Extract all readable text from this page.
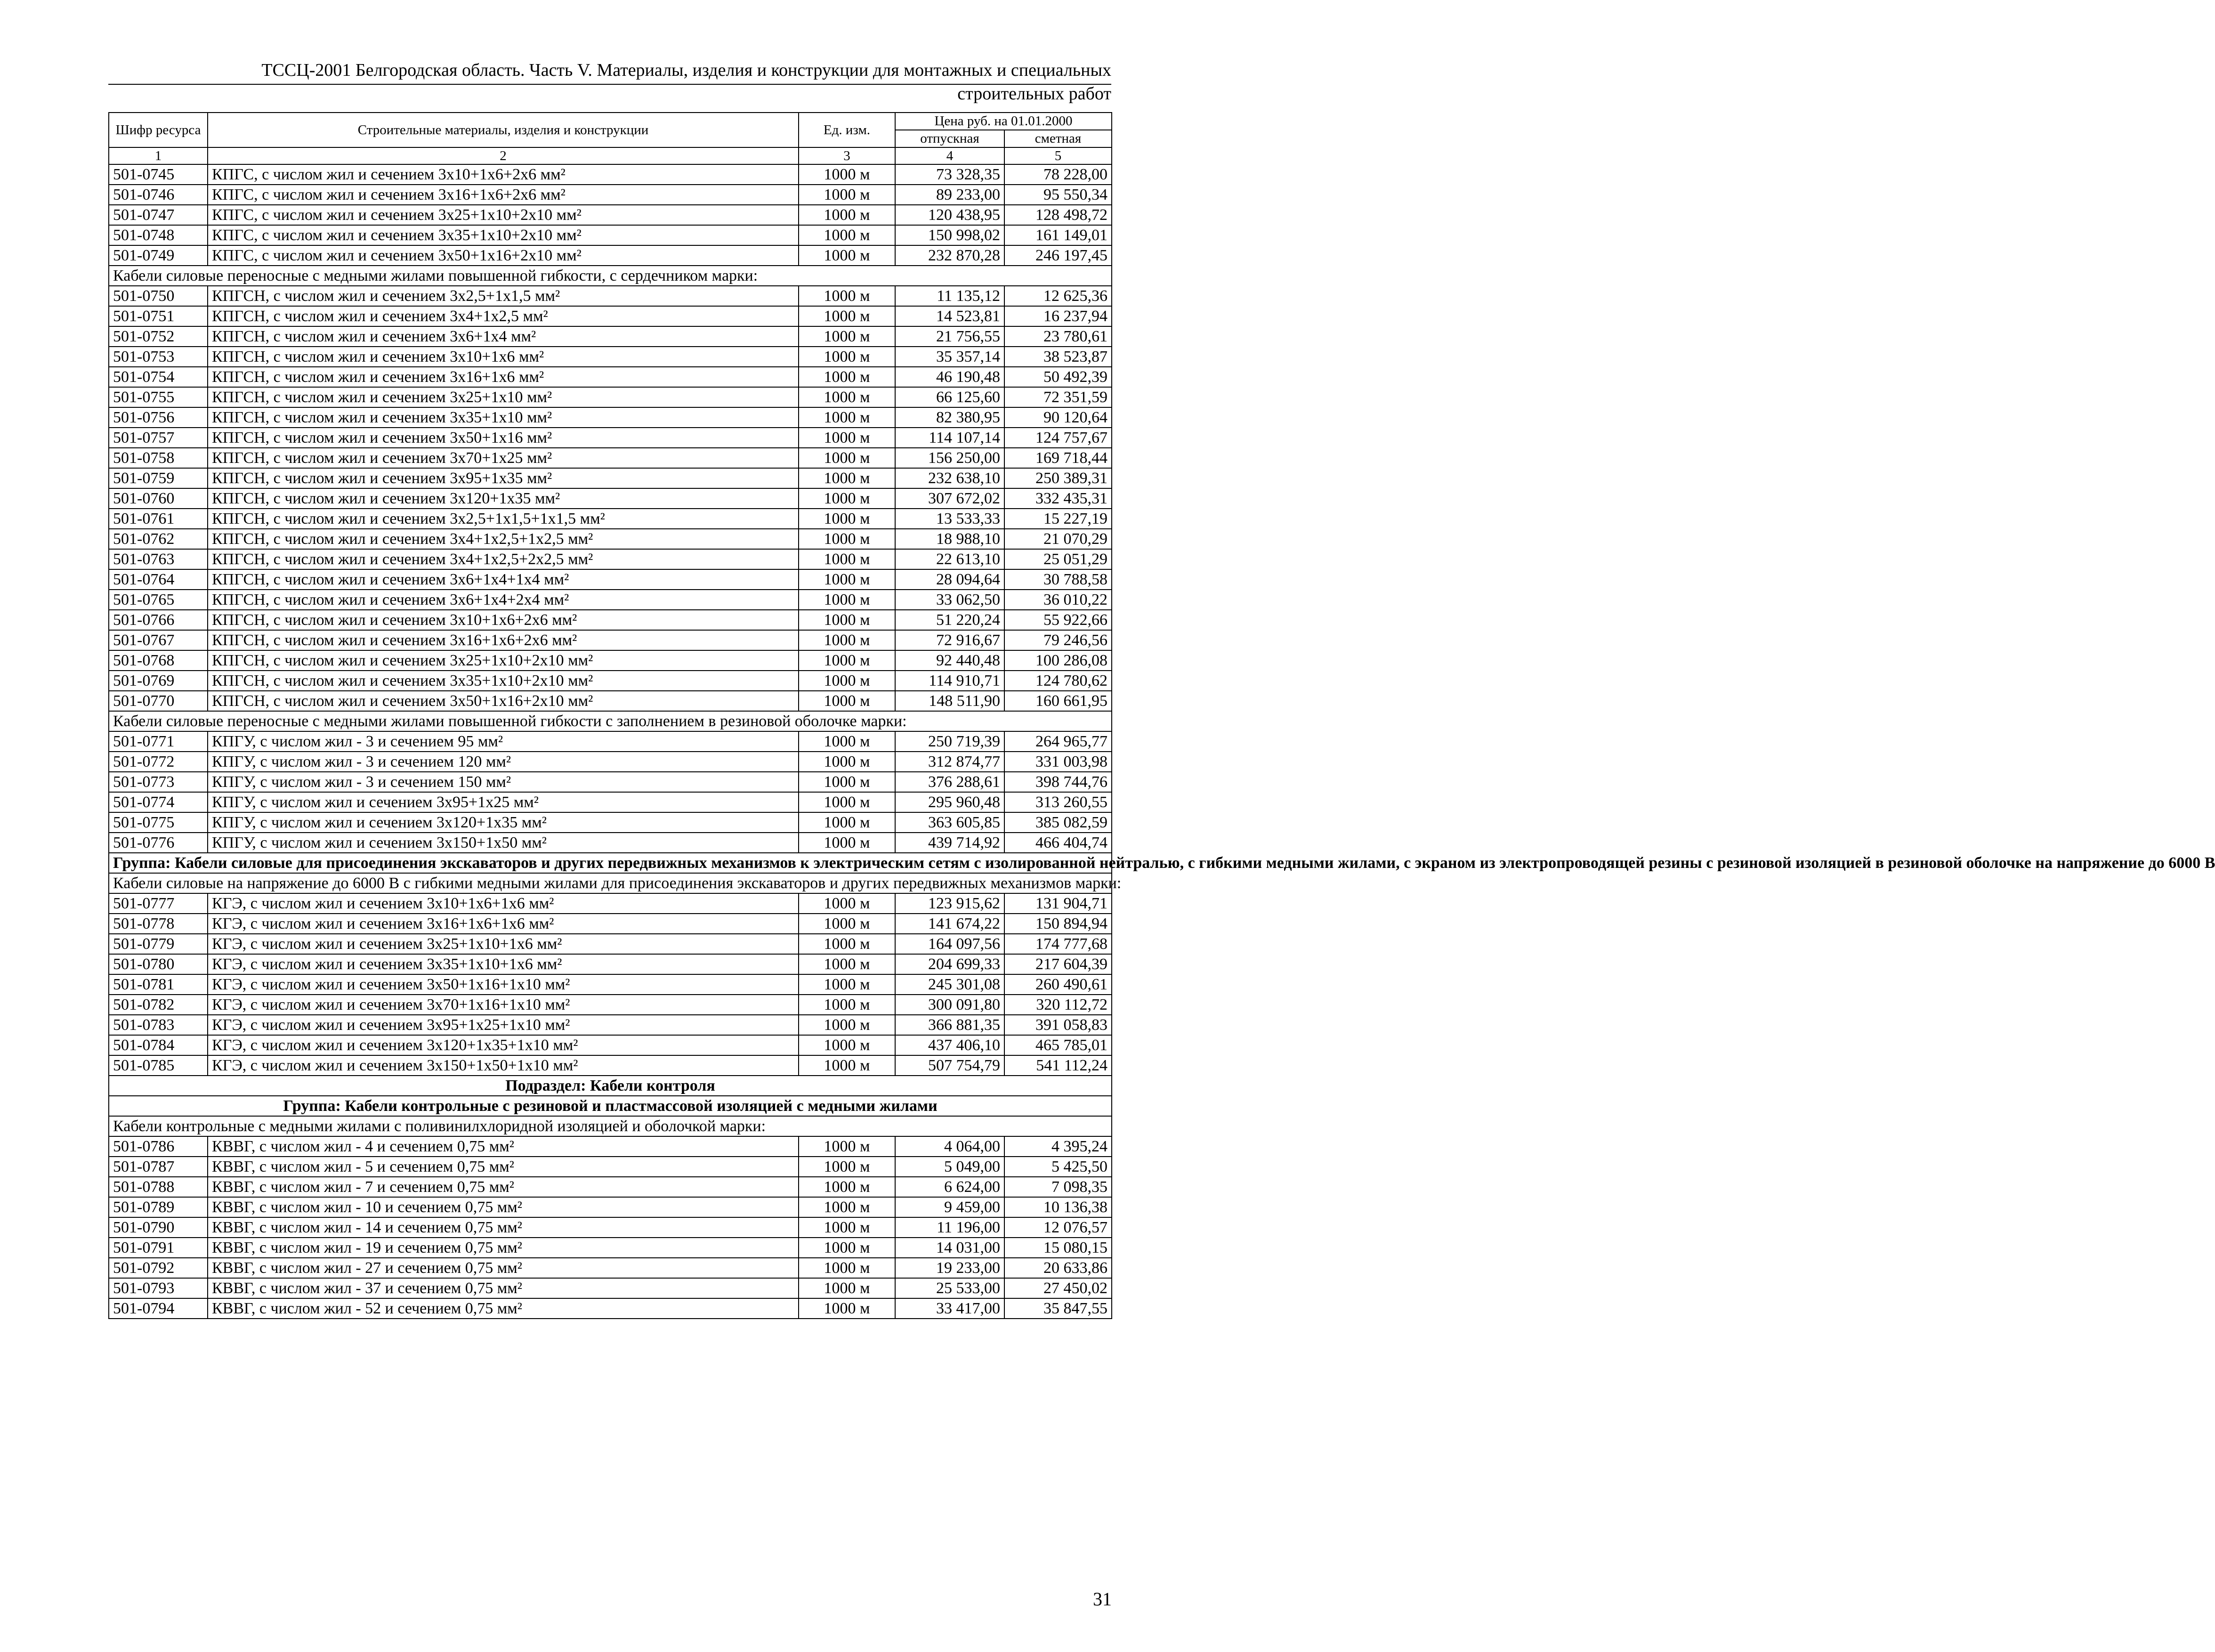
ТССЦ-2001 Белгородская область. Часть V. Материалы, изделия и конструкции для монтажных и специальных
строительных работ
Шифр ресурса	Строительные материалы, изделия и конструкции	Ед. изм.	Цена руб. на 01.01.2000	
			отпускная	сметная
1	2	3	4	5
501-0745	КПГС, с числом жил и сечением 3х10+1х6+2х6 мм²	1000 м	73 328,35	78 228,00
501-0746	КПГС, с числом жил и сечением 3х16+1х6+2х6 мм²	1000 м	89 233,00	95 550,34
501-0747	КПГС, с числом жил и сечением 3х25+1х10+2х10 мм²	1000 м	120 438,95	128 498,72
501-0748	КПГС, с числом жил и сечением 3х35+1х10+2х10 мм²	1000 м	150 998,02	161 149,01
501-0749	КПГС, с числом жил и сечением 3х50+1х16+2х10 мм²	1000 м	232 870,28	246 197,45
Кабели силовые переносные с медными жилами повышенной гибкости, с сердечником марки:				
501-0750	КПГСН, с числом жил и сечением 3х2,5+1х1,5 мм²	1000 м	11 135,12	12 625,36
501-0751	КПГСН, с числом жил и сечением 3х4+1х2,5 мм²	1000 м	14 523,81	16 237,94
501-0752	КПГСН, с числом жил и сечением 3х6+1х4 мм²	1000 м	21 756,55	23 780,61
501-0753	КПГСН, с числом жил и сечением 3х10+1х6 мм²	1000 м	35 357,14	38 523,87
501-0754	КПГСН, с числом жил и сечением 3х16+1х6 мм²	1000 м	46 190,48	50 492,39
501-0755	КПГСН, с числом жил и сечением 3х25+1х10 мм²	1000 м	66 125,60	72 351,59
501-0756	КПГСН, с числом жил и сечением 3х35+1х10 мм²	1000 м	82 380,95	90 120,64
501-0757	КПГСН, с числом жил и сечением 3х50+1х16 мм²	1000 м	114 107,14	124 757,67
501-0758	КПГСН, с числом жил и сечением 3х70+1х25 мм²	1000 м	156 250,00	169 718,44
501-0759	КПГСН, с числом жил и сечением 3х95+1х35 мм²	1000 м	232 638,10	250 389,31
501-0760	КПГСН, с числом жил и сечением 3х120+1х35 мм²	1000 м	307 672,02	332 435,31
501-0761	КПГСН, с числом жил и сечением 3х2,5+1х1,5+1х1,5 мм²	1000 м	13 533,33	15 227,19
501-0762	КПГСН, с числом жил и сечением 3х4+1х2,5+1х2,5 мм²	1000 м	18 988,10	21 070,29
501-0763	КПГСН, с числом жил и сечением 3х4+1х2,5+2х2,5 мм²	1000 м	22 613,10	25 051,29
501-0764	КПГСН, с числом жил и сечением 3х6+1х4+1х4 мм²	1000 м	28 094,64	30 788,58
501-0765	КПГСН, с числом жил и сечением 3х6+1х4+2х4 мм²	1000 м	33 062,50	36 010,22
501-0766	КПГСН, с числом жил и сечением 3х10+1х6+2х6 мм²	1000 м	51 220,24	55 922,66
501-0767	КПГСН, с числом жил и сечением 3х16+1х6+2х6 мм²	1000 м	72 916,67	79 246,56
501-0768	КПГСН, с числом жил и сечением 3х25+1х10+2х10 мм²	1000 м	92 440,48	100 286,08
501-0769	КПГСН, с числом жил и сечением 3х35+1х10+2х10 мм²	1000 м	114 910,71	124 780,62
501-0770	КПГСН, с числом жил и сечением 3х50+1х16+2х10 мм²	1000 м	148 511,90	160 661,95
Кабели силовые переносные с медными жилами повышенной гибкости с заполнением в резиновой оболочке марки:				
501-0771	КПГУ, с числом жил - 3 и сечением 95 мм²	1000 м	250 719,39	264 965,77
501-0772	КПГУ, с числом жил - 3 и сечением 120 мм²	1000 м	312 874,77	331 003,98
501-0773	КПГУ, с числом жил - 3 и сечением 150 мм²	1000 м	376 288,61	398 744,76
501-0774	КПГУ, с числом жил и сечением 3х95+1х25 мм²	1000 м	295 960,48	313 260,55
501-0775	КПГУ, с числом жил и сечением 3х120+1х35 мм²	1000 м	363 605,85	385 082,59
501-0776	КПГУ, с числом жил и сечением 3х150+1х50 мм²	1000 м	439 714,92	466 404,74
Группа: Кабели силовые для присоединения экскаваторов и других передвижных механизмов к электрическим сетям с изолированной нейтралью, с гибкими медными жилами, с экраном из электропроводящей резины с резиновой изоляцией в резиновой оболочке на напряжение до 6000 В				
Кабели силовые на напряжение до 6000 В с гибкими медными жилами для присоединения экскаваторов и других передвижных механизмов марки:				
501-0777	КГЭ, с числом жил и сечением 3х10+1х6+1х6 мм²	1000 м	123 915,62	131 904,71
501-0778	КГЭ, с числом жил и сечением 3х16+1х6+1х6 мм²	1000 м	141 674,22	150 894,94
501-0779	КГЭ, с числом жил и сечением 3х25+1х10+1х6 мм²	1000 м	164 097,56	174 777,68
501-0780	КГЭ, с числом жил и сечением 3х35+1х10+1х6 мм²	1000 м	204 699,33	217 604,39
501-0781	КГЭ, с числом жил и сечением 3х50+1х16+1х10 мм²	1000 м	245 301,08	260 490,61
501-0782	КГЭ, с числом жил и сечением 3х70+1х16+1х10 мм²	1000 м	300 091,80	320 112,72
501-0783	КГЭ, с числом жил и сечением 3х95+1х25+1х10 мм²	1000 м	366 881,35	391 058,83
501-0784	КГЭ, с числом жил и сечением 3х120+1х35+1х10 мм²	1000 м	437 406,10	465 785,01
501-0785	КГЭ, с числом жил и сечением 3х150+1х50+1х10 мм²	1000 м	507 754,79	541 112,24
Подраздел: Кабели контроля				
Группа: Кабели контрольные с резиновой и пластмассовой изоляцией с медными жилами				
Кабели контрольные с медными жилами с поливинилхлоридной изоляцией и оболочкой марки:				
501-0786	КВВГ, с числом жил - 4 и сечением 0,75 мм²	1000 м	4 064,00	4 395,24
501-0787	КВВГ, с числом жил - 5 и сечением 0,75 мм²	1000 м	5 049,00	5 425,50
501-0788	КВВГ, с числом жил - 7 и сечением 0,75 мм²	1000 м	6 624,00	7 098,35
501-0789	КВВГ, с числом жил - 10 и сечением 0,75 мм²	1000 м	9 459,00	10 136,38
501-0790	КВВГ, с числом жил - 14 и сечением 0,75 мм²	1000 м	11 196,00	12 076,57
501-0791	КВВГ, с числом жил - 19 и сечением 0,75 мм²	1000 м	14 031,00	15 080,15
501-0792	КВВГ, с числом жил - 27 и сечением 0,75 мм²	1000 м	19 233,00	20 633,86
501-0793	КВВГ, с числом жил - 37 и сечением 0,75 мм²	1000 м	25 533,00	27 450,02
501-0794	КВВГ, с числом жил - 52 и сечением 0,75 мм²	1000 м	33 417,00	35 847,55
31
